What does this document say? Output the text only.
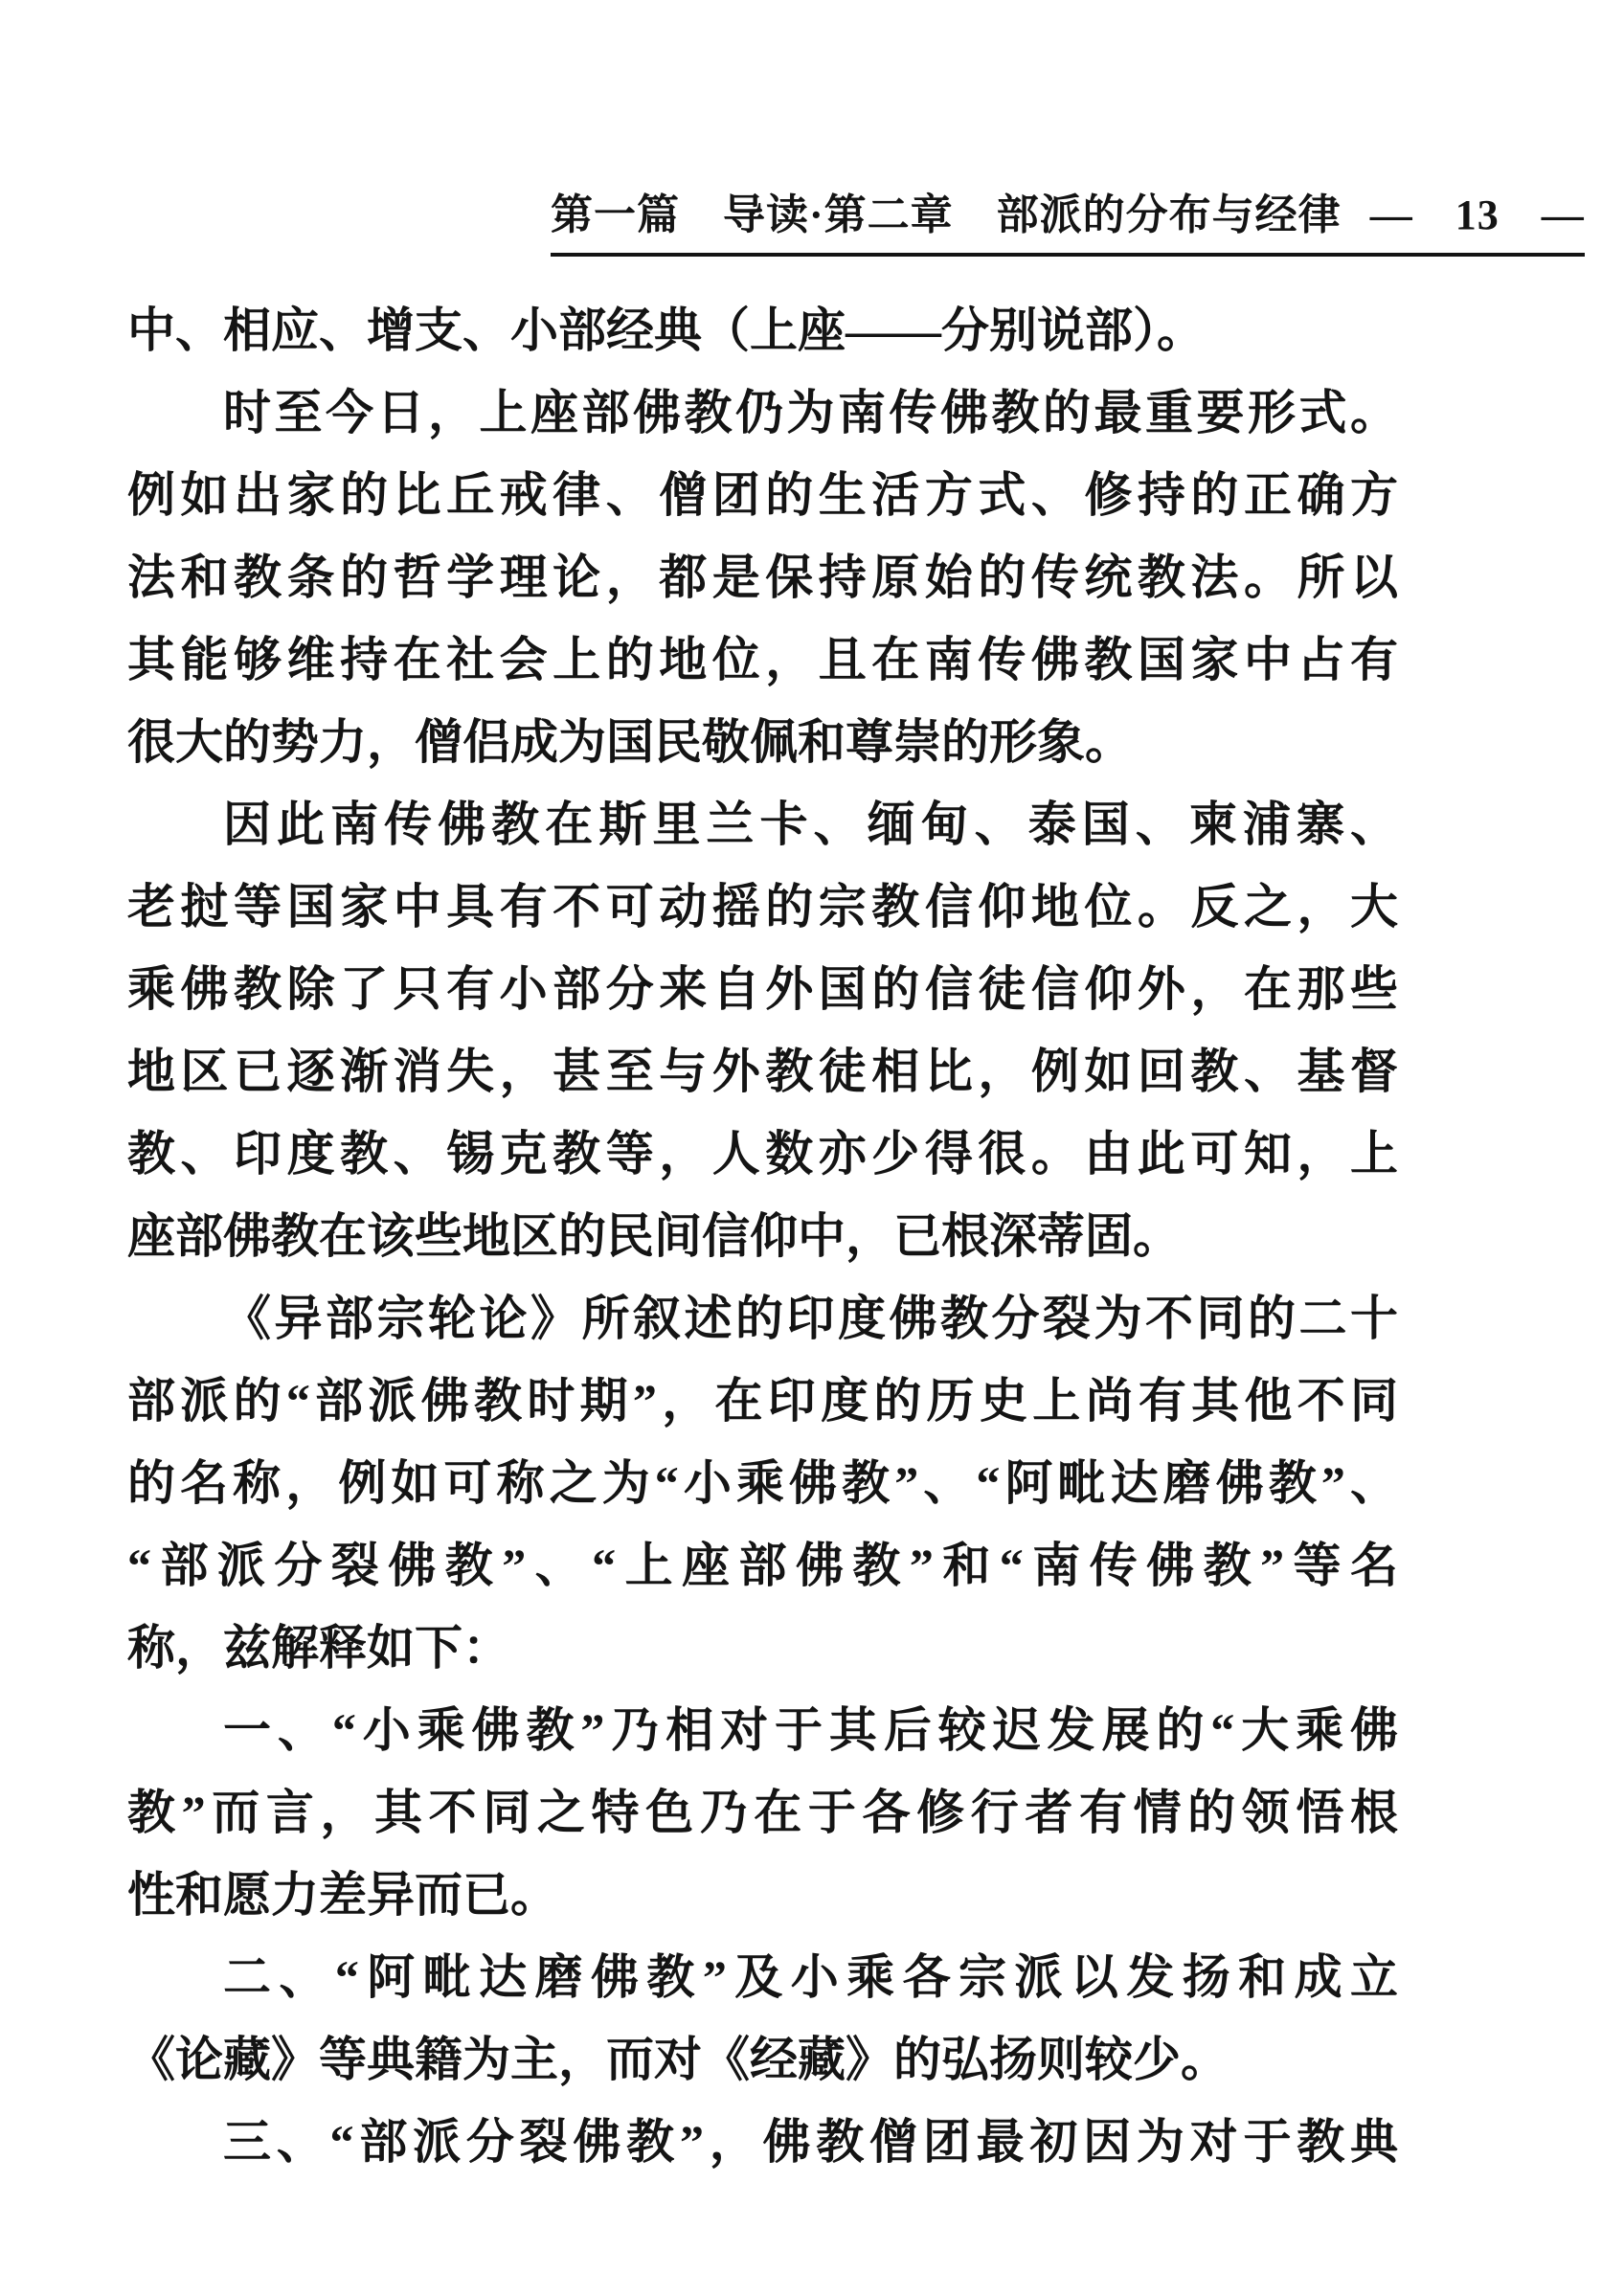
第一篇　导读·第二章　部派的分布与经律 — 13 —
中、相应、增支、小部经典（上座——分别说部）。
时至今日，上座部佛教仍为南传佛教的最重要形式。
例如出家的比丘戒律、僧团的生活方式、修持的正确方
法和教条的哲学理论，都是保持原始的传统教法。所以
其能够维持在社会上的地位，且在南传佛教国家中占有
很大的势力，僧侣成为国民敬佩和尊崇的形象。
因此南传佛教在斯里兰卡、缅甸、泰国、柬浦寨、
老挝等国家中具有不可动摇的宗教信仰地位。反之，大
乘佛教除了只有小部分来自外国的信徒信仰外，在那些
地区已逐渐消失，甚至与外教徒相比，例如回教、基督
教、印度教、锡克教等，人数亦少得很。由此可知，上
座部佛教在该些地区的民间信仰中，已根深蒂固。
《异部宗轮论》所叙述的印度佛教分裂为不同的二十
部派的“部派佛教时期”，在印度的历史上尚有其他不同
的名称，例如可称之为“小乘佛教”、“阿毗达磨佛教”、
“部派分裂佛教”、“上座部佛教”和“南传佛教”等名
称，兹解释如下：
一、“小乘佛教”乃相对于其后较迟发展的“大乘佛
教”而言，其不同之特色乃在于各修行者有情的领悟根
性和愿力差异而已。
二、“阿毗达磨佛教”及小乘各宗派以发扬和成立
《论藏》等典籍为主，而对《经藏》的弘扬则较少。
三、“部派分裂佛教”，佛教僧团最初因为对于教典
